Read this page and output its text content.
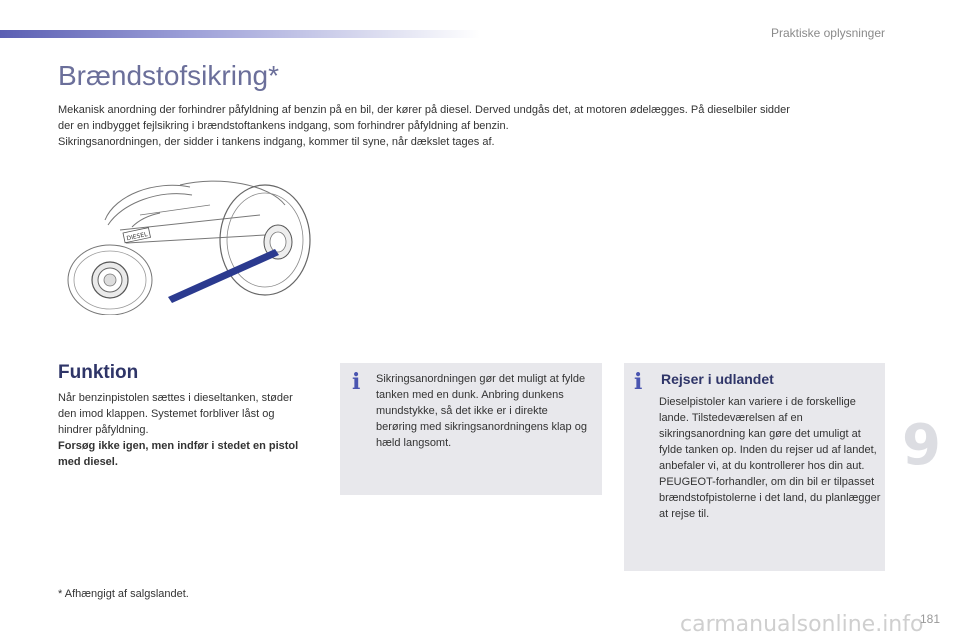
Praktiske oplysninger
Brændstofsikring*

Mekanisk anordning der forhindrer påfyldning af benzin på en bil, der kører på diesel. Derved undgås det, at motoren ødelægges. På dieselbiler sidder

der en indbygget fejlsikring i brændstoftankens indgang, som forhindrer påfyldning af benzin.

Sikringsanordningen, der sidder i tankens indgang, kommer til syne, når dækslet tages af.

DIESEL
Funktion

Når benzinpistolen sættes i dieseltanken, støder den imod klappen. Systemet forbliver låst og hindrer påfyldning.

Forsøg ikke igen, men indfør i stedet en pistol med diesel.

i Sikringsanordningen gør det muligt at fylde tanken med en dunk. Anbring dunkens mundstykke, så det ikke er i direkte berøring med sikringsanordningens klap og hæld langsomt.
i Rejser i udlandet
Dieselpistoler kan variere i de forskellige lande. Tilstedeværelsen af en sikringsanordning kan gøre det umuligt at fylde tanken op. Inden du rejser ud af landet, anbefaler vi, at du kontrollerer hos din aut. PEUGEOT-forhandler, om din bil er tilpasset brændstofpistolerne i det land, du planlægger at rejse til.
* Afhængigt af salgslandet.
9
carmanualsonline.info
181
